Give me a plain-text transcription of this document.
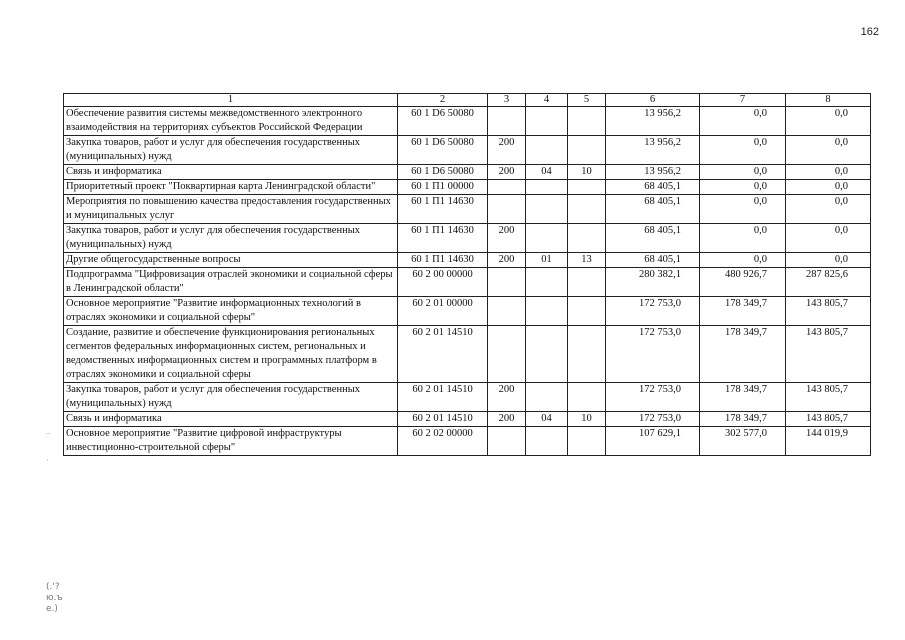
162
1	2	3	4	5	6	7	8
Обеспечение развития системы межведомственного электронного взаимодействия на территориях субъектов Российской Федерации	60 1 D6 50080				13 956,2	0,0	0,0
Закупка товаров, работ и услуг для обеспечения государственных (муниципальных) нужд	60 1 D6 50080	200			13 956,2	0,0	0,0
Связь и информатика	60 1 D6 50080	200	04	10	13 956,2	0,0	0,0
Приоритетный проект "Поквартирная карта Ленинградской области"	60 1 П1 00000				68 405,1	0,0	0,0
Мероприятия по повышению качества предоставления государственных и муниципальных услуг	60 1 П1 14630				68 405,1	0,0	0,0
Закупка товаров, работ и услуг для обеспечения государственных (муниципальных) нужд	60 1 П1 14630	200			68 405,1	0,0	0,0
Другие общегосударственные вопросы	60 1 П1 14630	200	01	13	68 405,1	0,0	0,0
Подпрограмма "Цифровизация отраслей экономики и социальной сферы в Ленинградской области"	60 2 00 00000				280 382,1	480 926,7	287 825,6
Основное мероприятие "Развитие информационных технологий в отраслях экономики и социальной сферы"	60 2 01 00000				172 753,0	178 349,7	143 805,7
Создание, развитие и обеспечение функционирования региональных сегментов федеральных информационных систем, региональных и ведомственных информационных систем и программных платформ в отраслях экономики и социальной сферы	60 2 01 14510				172 753,0	178 349,7	143 805,7
Закупка товаров, работ и услуг для обеспечения государственных (муниципальных) нужд	60 2 01 14510	200			172 753,0	178 349,7	143 805,7
Связь и информатика	60 2 01 14510	200	04	10	172 753,0	178 349,7	143 805,7
Основное мероприятие "Развитие цифровой инфраструктуры инвестиционно-строительной сферы"	60 2 02 00000				107 629,1	302 577,0	144 019,9
–
·
(.'?
ю.ъ
e.)
